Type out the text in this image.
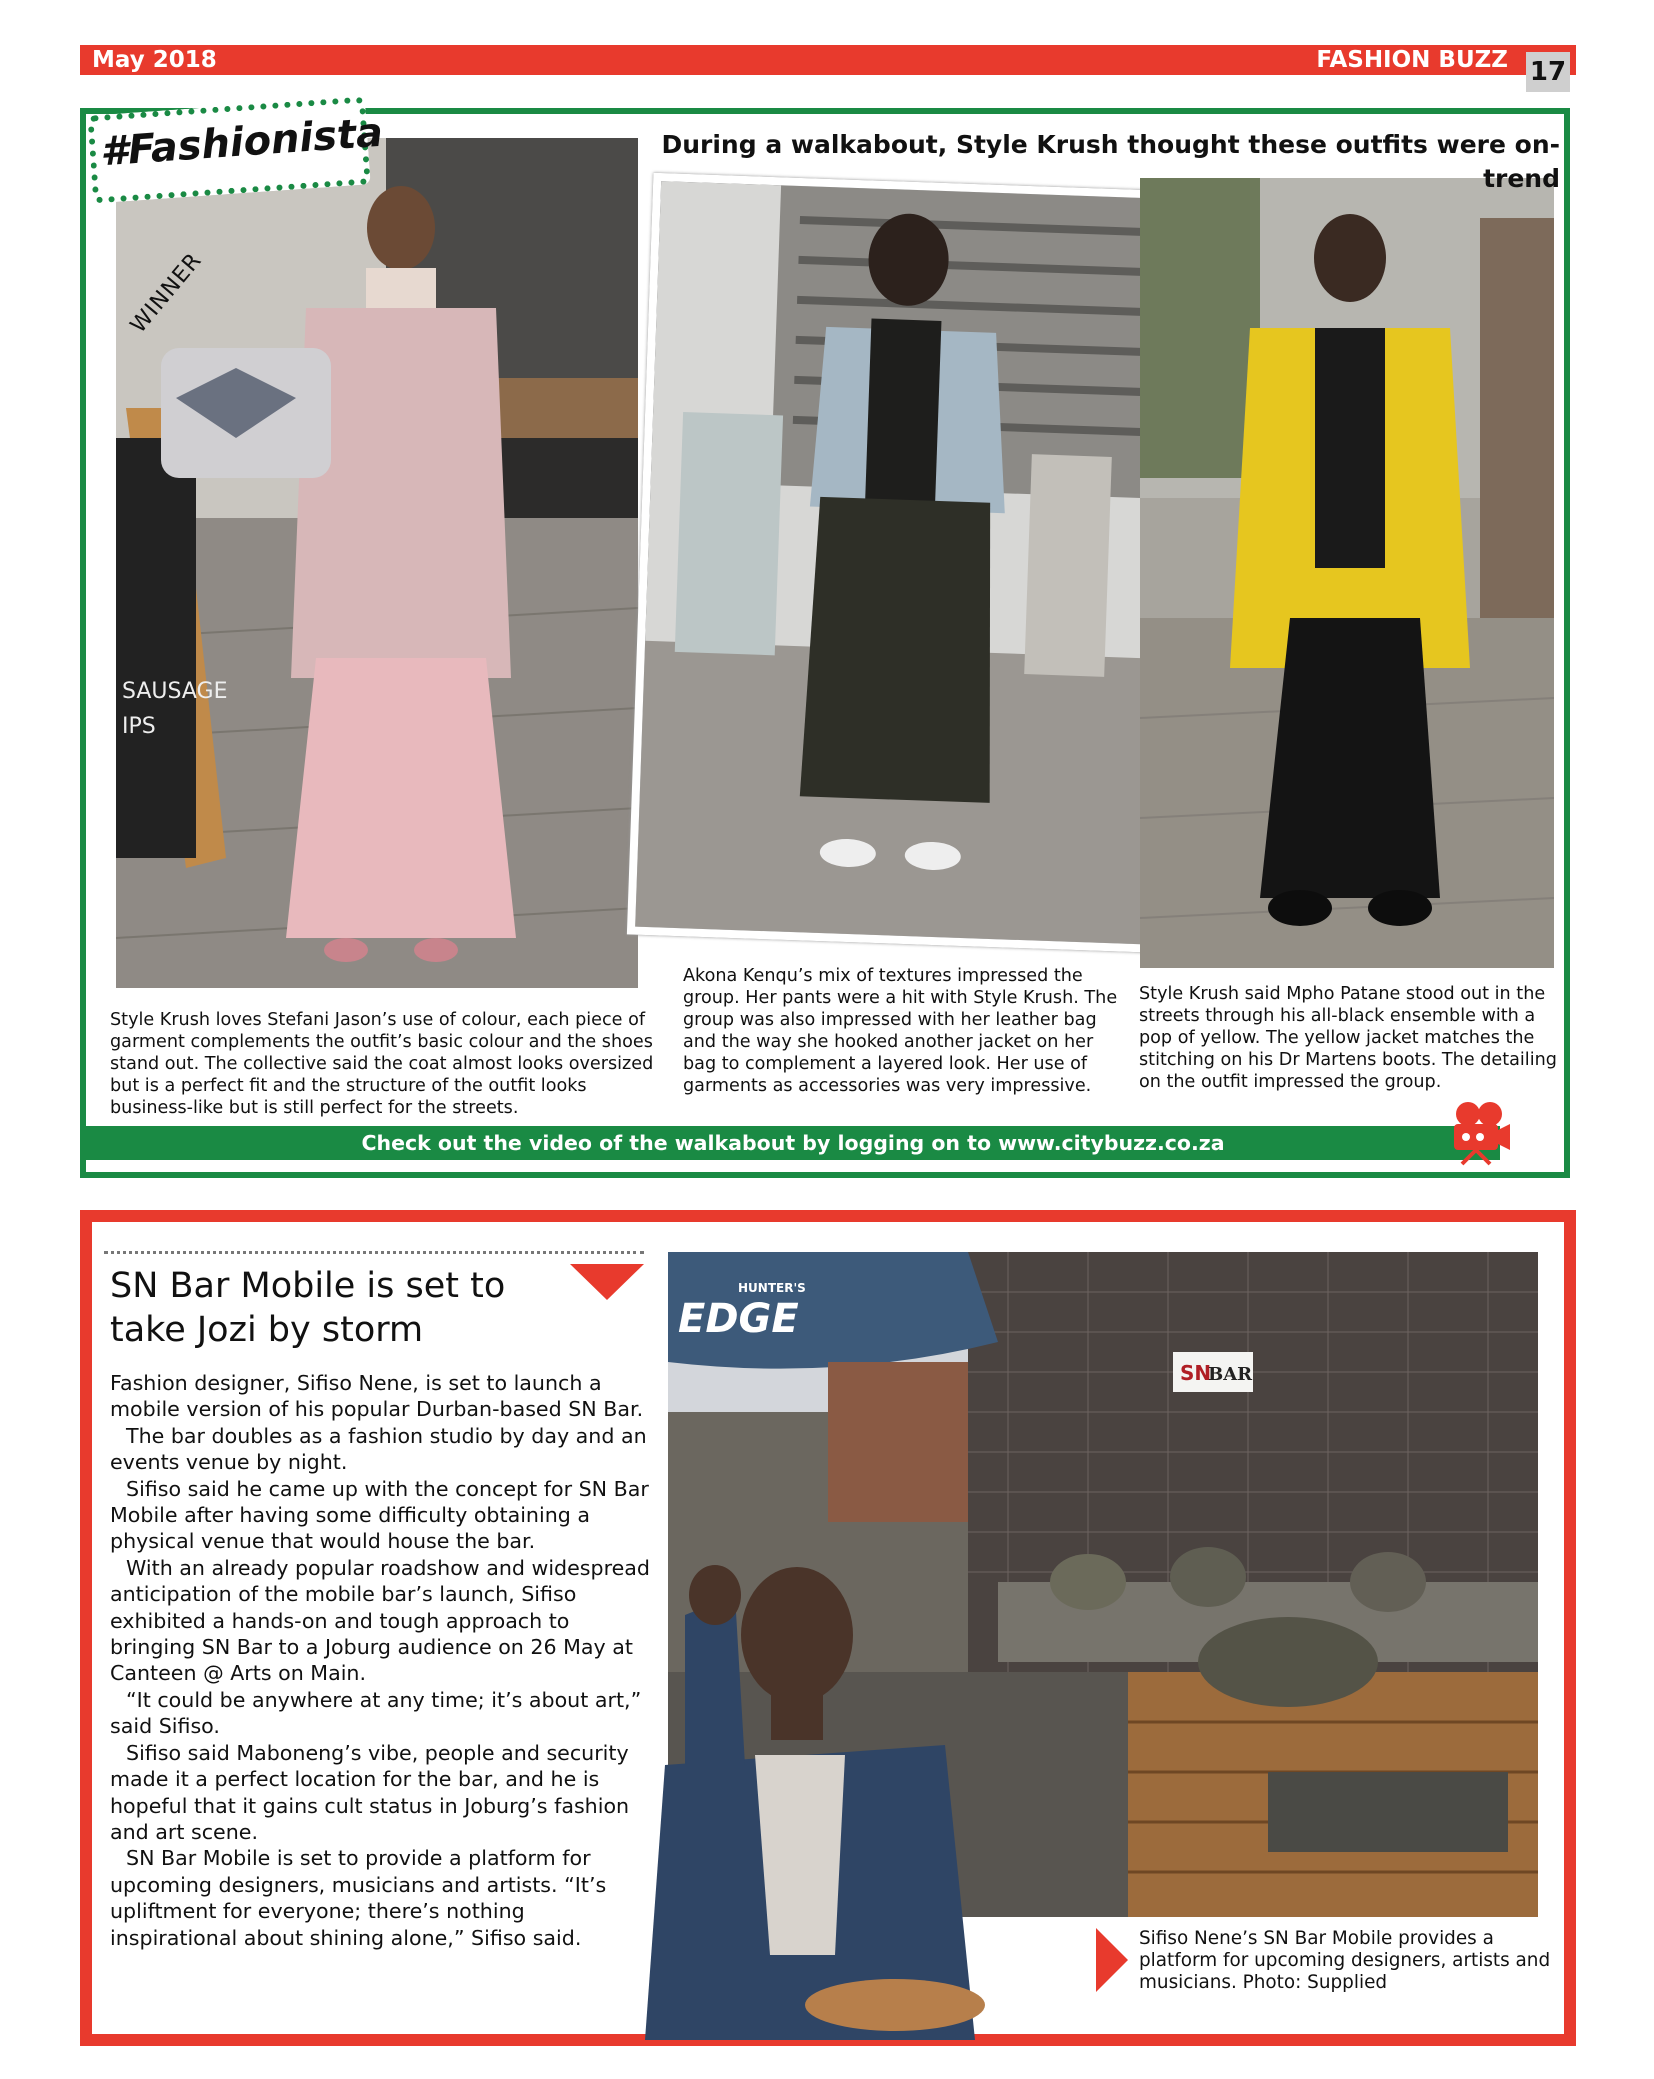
May 2018	FASHION BUZZ 17
SAUSAGE
IPS
#Fashionista
WINNER
During a walkabout, Style Krush thought these outfits were on-trend
Style Krush loves Stefani Jason’s use of colour, each piece of garment complements the outfit’s basic colour and the shoes stand out. The collective said the coat almost looks oversized but is a perfect fit and the structure of the outfit looks business-like but is still perfect for the streets.
Akona Kenqu’s mix of textures impressed the group. Her pants were a hit with Style Krush. The group was also impressed with her leather bag and the way she hooked another jacket on her bag to complement a layered look. Her use of garments as accessories was very impressive.
Style Krush said Mpho Patane stood out in the streets through his all-black ensemble with a pop of yellow. The yellow jacket matches the stitching on his Dr Martens boots. The detailing on the outfit impressed the group.
Check out the video of the walkabout by logging on to www.citybuzz.co.za
SN Bar Mobile is set to take Jozi by storm

Fashion designer, Sifiso Nene, is set to launch a mobile version of his popular Durban-based SN Bar.

The bar doubles as a fashion studio by day and an events venue by night.

Sifiso said he came up with the concept for SN Bar Mobile after having some difficulty obtaining a physical venue that would house the bar.

With an already popular roadshow and widespread anticipation of the mobile bar’s launch, Sifiso exhibited a hands-on and tough approach to bringing SN Bar to a Joburg audience on 26 May at Canteen @ Arts on Main.

“It could be anywhere at any time; it’s about art,” said Sifiso.

Sifiso said Maboneng’s vibe, people and security made it a perfect location for the bar, and he is hopeful that it gains cult status in Joburg’s fashion and art scene.

SN Bar Mobile is set to provide a platform for upcoming designers, musicians and artists. “It’s upliftment for everyone; there’s nothing inspirational about shining alone,” Sifiso said.

SN
BAR
EDGE
HUNTER'S
Sifiso Nene’s SN Bar Mobile provides a platform for upcoming designers, artists and musicians. Photo: Supplied
